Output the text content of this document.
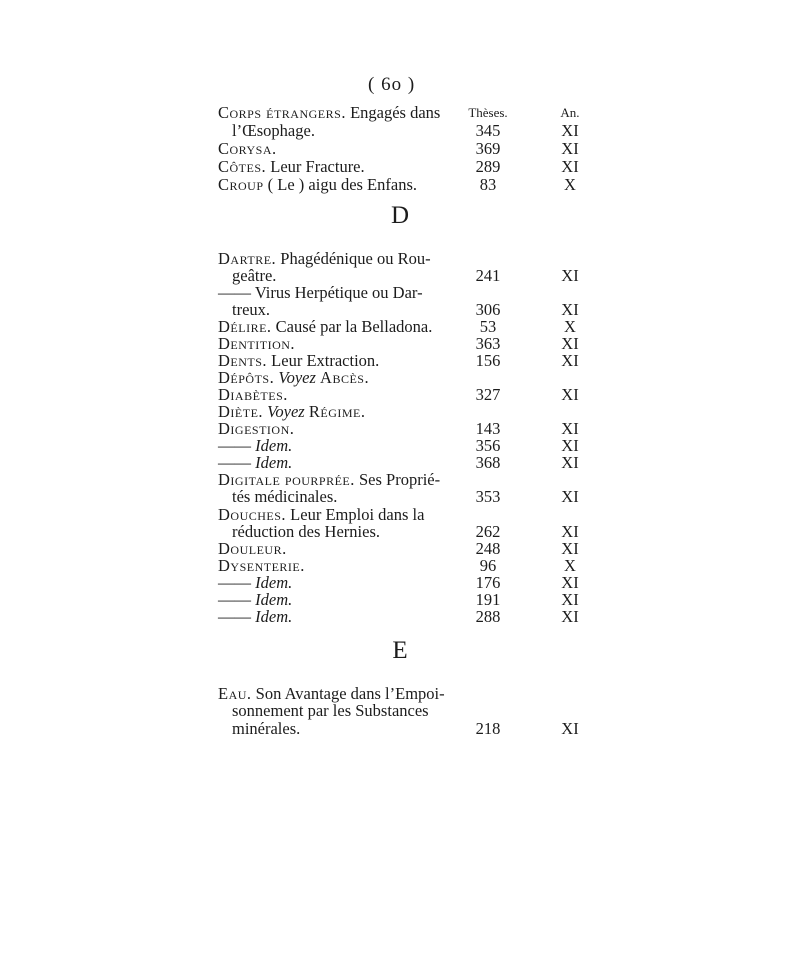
( 6o )
Corps étrangers. Engagés dans	Thèses.	An.
l’Œsophage.	345	XI
Corysa.	369	XI
Côtes. Leur Fracture.	289	XI
Croup ( Le ) aigu des Enfans.	83	X
D
Dartre. Phagédénique ou Rou-
geâtre.	241	XI
—— Virus Herpétique ou Dar-
treux.	306	XI
Délire. Causé par la Belladona.	53	X
Dentition.	363	XI
Dents. Leur Extraction.	156	XI
Dépôts. Voyez Abcès.
Diabètes.	327	XI
Diète. Voyez Régime.
Digestion.	143	XI
—— Idem.	356	XI
—— Idem.	368	XI
Digitale pourprée. Ses Proprié-
tés médicinales.	353	XI
Douches. Leur Emploi dans la
réduction des Hernies.	262	XI
Douleur.	248	XI
Dysenterie.	96	X
—— Idem.	176	XI
—— Idem.	191	XI
—— Idem.	288	XI
E
Eau. Son Avantage dans l’Empoi-
sonnement par les Substances
minérales.	218	XI
